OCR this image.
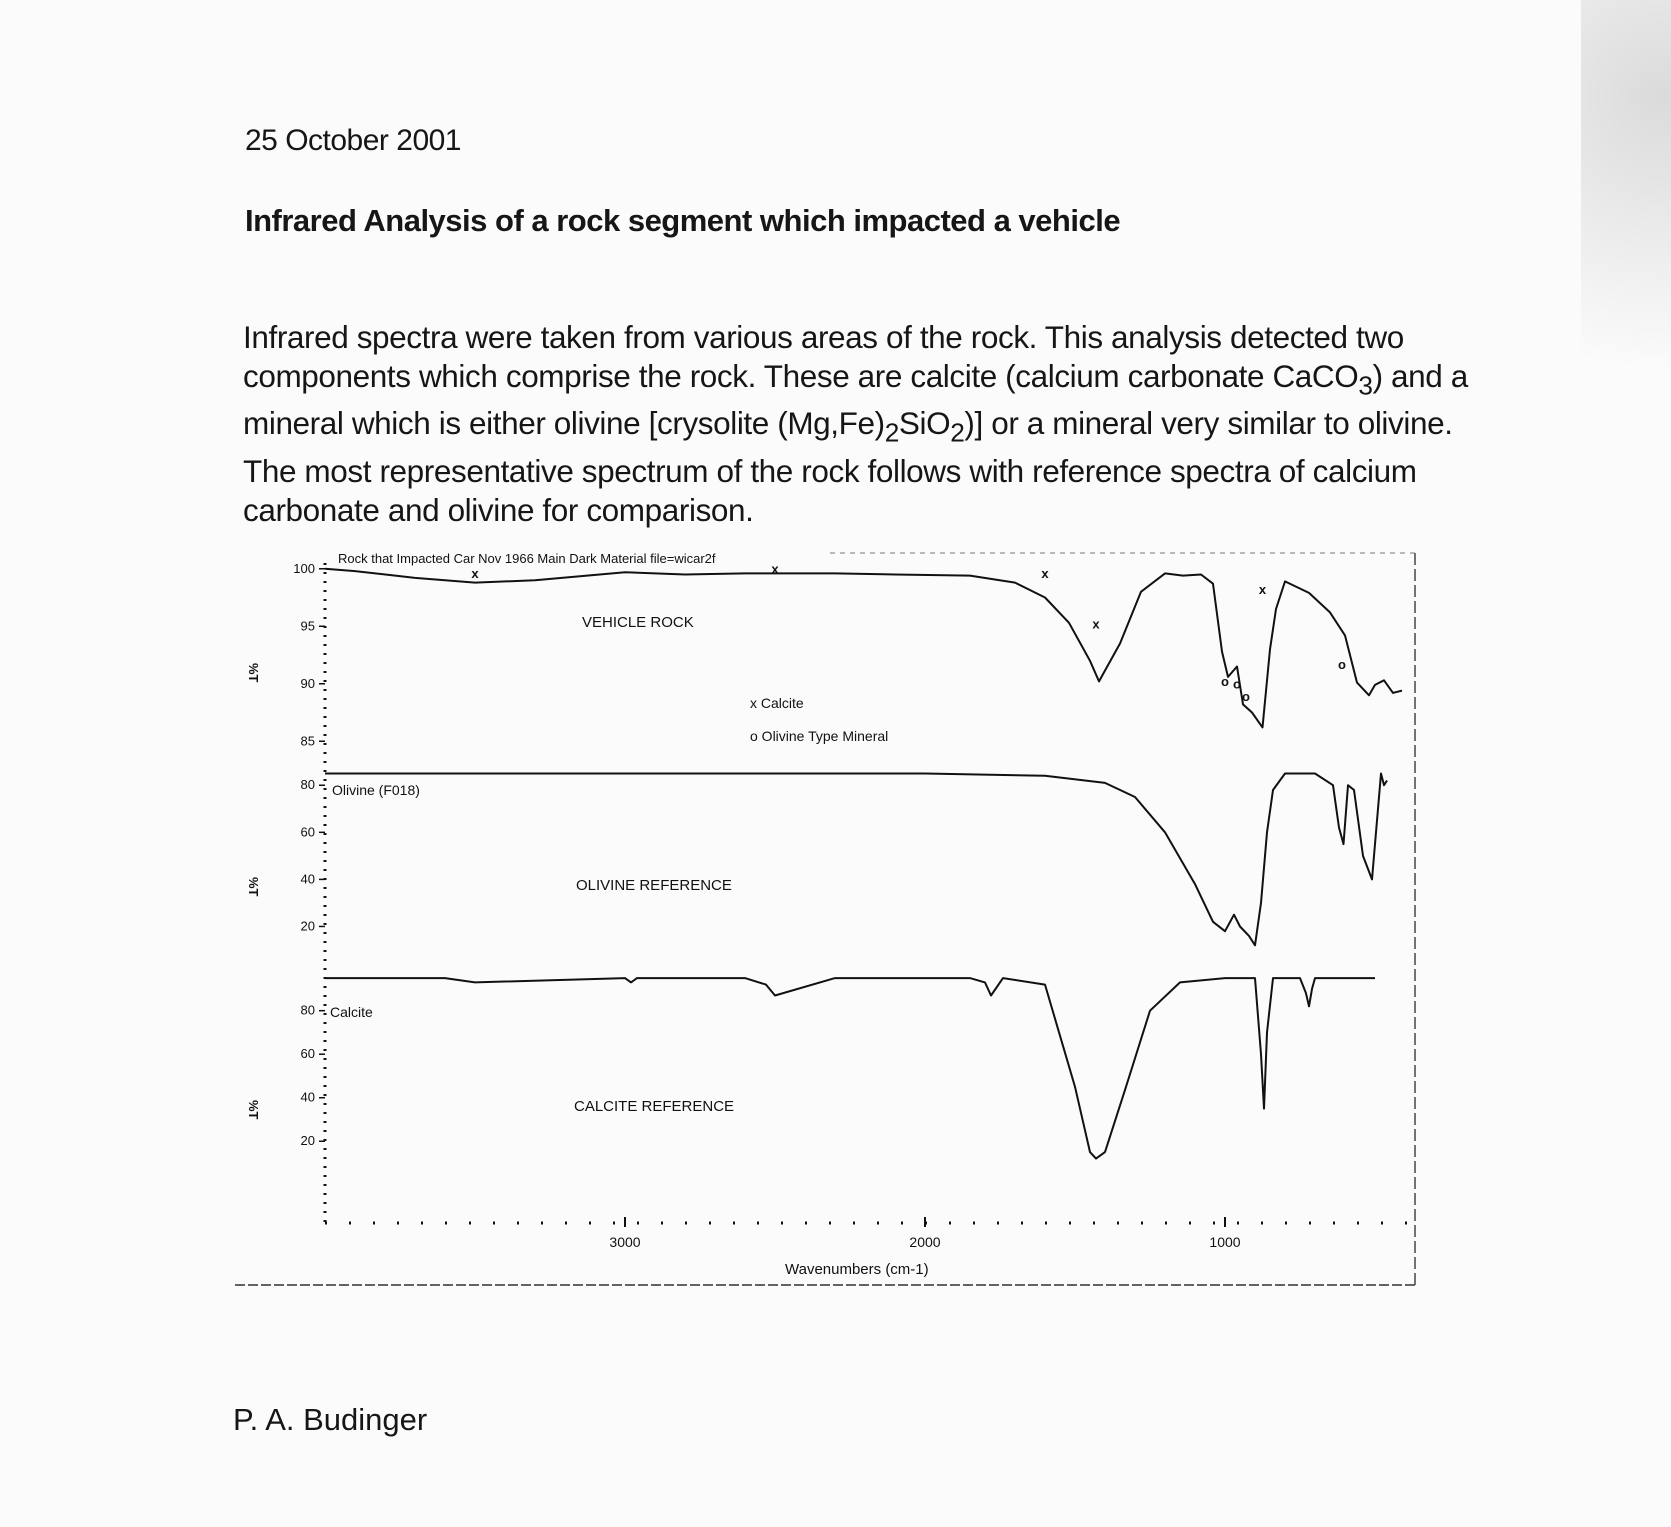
25 October 2001
Infrared Analysis of a rock segment which impacted a vehicle

Infrared spectra were taken from various areas of the rock. This analysis detected two components which comprise the rock. These are calcite (calcium carbonate CaCO$_3$) and a mineral which is either olivine [crysolite $(Mg,Fe)_2SiO_2$)] or a mineral very similar to olivine. The most representative spectrum of the rock follows with reference spectra of calcium carbonate and olivine for comparison.

Rock that Impacted Car Nov 1966 Main Dark Material file=wicar2f
VEHICLE ROCK
OLIVINE REFERENCE
CALCITE REFERENCE
x Calcite
o Olivine Type Mineral
Olivine (F018)
Calcite
%T
%T
%T
Wavenumbers (cm-1)
100
95
90
85
80
60
40
20
80
60
40
20
3000	2000	1000
x	x	x
x
x
o o
o
o
P. A. Budinger
